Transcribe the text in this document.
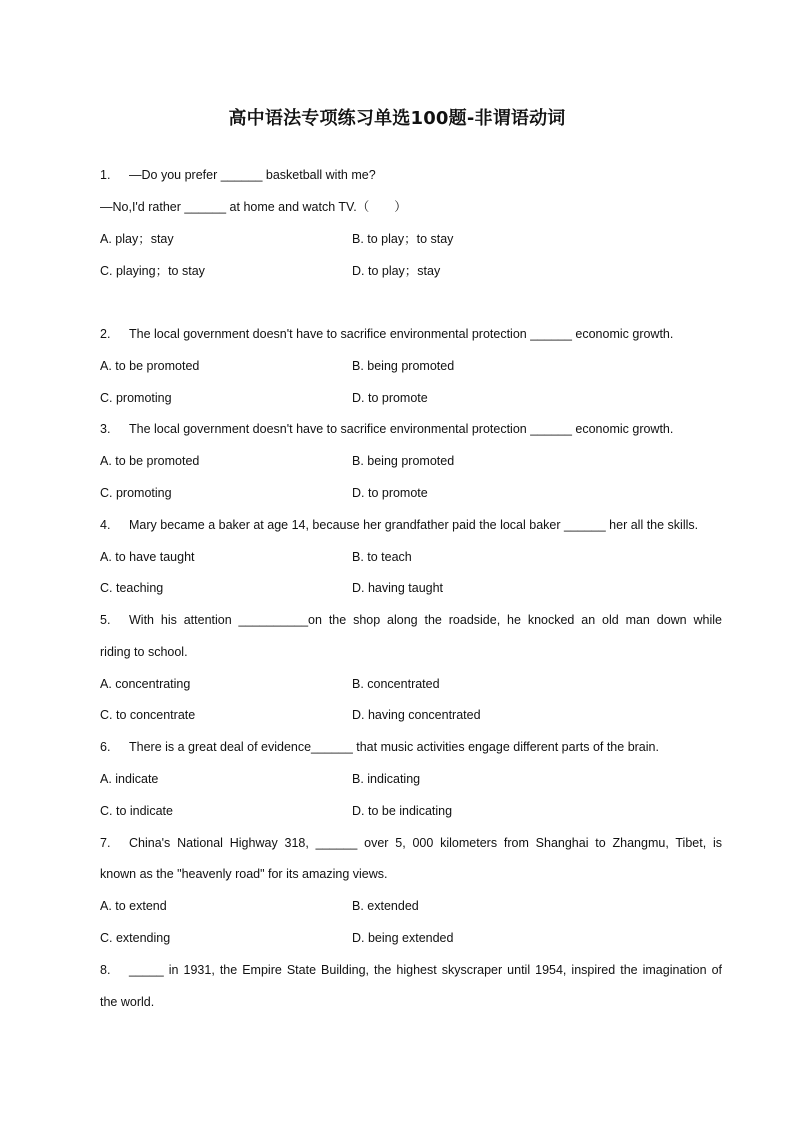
高中语法专项练习单选100题-非谓语动词
1. —Do you prefer ______ basketball with me?
—No,I'd rather ______ at home and watch TV.（　　）
A. play；stay	B. to play；to stay
C. playing；to stay	D. to play；stay
2. The local government doesn't have to sacrifice environmental protection ______ economic growth.
A. to be promoted	B. being promoted
C. promoting	D. to promote
3. The local government doesn't have to sacrifice environmental protection ______ economic growth.
A. to be promoted	B. being promoted
C. promoting	D. to promote
4. Mary became a baker at age 14, because her grandfather paid the local baker ______ her all the skills.
A. to have taught	B. to teach
C. teaching	D. having taught
5. With his attention __________on the shop along the roadside, he knocked an old man down while
riding to school.
A. concentrating	B. concentrated
C. to concentrate	D. having concentrated
6. There is a great deal of evidence______ that music activities engage different parts of the brain.
A. indicate	B. indicating
C. to indicate	D. to be indicating
7. China's National Highway 318, ______ over 5, 000 kilometers from Shanghai to Zhangmu, Tibet, is
known as the "heavenly road" for its amazing views.
A. to extend	B. extended
C. extending	D. being extended
8. _____ in 1931, the Empire State Building, the highest skyscraper until 1954, inspired the imagination of
the world.
